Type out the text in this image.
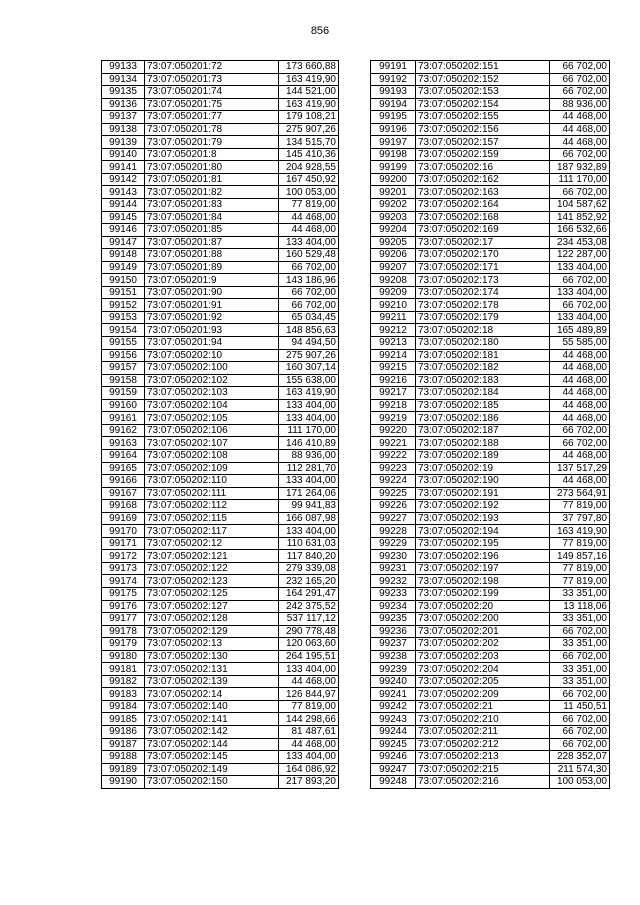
856
99133	73:07:050201:72	173 660,88
99134	73:07:050201:73	163 419,90
99135	73:07:050201:74	144 521,00
99136	73:07:050201:75	163 419,90
99137	73:07:050201:77	179 108,21
99138	73:07:050201:78	275 907,26
99139	73:07:050201:79	134 515,70
99140	73:07:050201:8	145 410,36
99141	73:07:050201:80	204 928,55
99142	73:07:050201:81	167 450,92
99143	73:07:050201:82	100 053,00
99144	73:07:050201:83	77 819,00
99145	73:07:050201:84	44 468,00
99146	73:07:050201:85	44 468,00
99147	73:07:050201:87	133 404,00
99148	73:07:050201:88	160 529,48
99149	73:07:050201:89	66 702,00
99150	73:07:050201:9	143 186,96
99151	73:07:050201:90	66 702,00
99152	73:07:050201:91	66 702,00
99153	73:07:050201:92	65 034,45
99154	73:07:050201:93	148 856,63
99155	73:07:050201:94	94 494,50
99156	73:07:050202:10	275 907,26
99157	73:07:050202:100	160 307,14
99158	73:07:050202:102	155 638,00
99159	73:07:050202:103	163 419,90
99160	73:07:050202:104	133 404,00
99161	73:07:050202:105	133 404,00
99162	73:07:050202:106	111 170,00
99163	73:07:050202:107	146 410,89
99164	73:07:050202:108	88 936,00
99165	73:07:050202:109	112 281,70
99166	73:07:050202:110	133 404,00
99167	73:07:050202:111	171 264,06
99168	73:07:050202:112	99 941,83
99169	73:07:050202:115	166 087,98
99170	73:07:050202:117	133 404,00
99171	73:07:050202:12	110 631,03
99172	73:07:050202:121	117 840,20
99173	73:07:050202:122	279 339,08
99174	73:07:050202:123	232 165,20
99175	73:07:050202:125	164 291,47
99176	73:07:050202:127	242 375,52
99177	73:07:050202:128	537 117,12
99178	73:07:050202:129	290 778,48
99179	73:07:050202:13	120 063,60
99180	73:07:050202:130	264 195,51
99181	73:07:050202:131	133 404,00
99182	73:07:050202:139	44 468,00
99183	73:07:050202:14	126 844,97
99184	73:07:050202:140	77 819,00
99185	73:07:050202:141	144 298,66
99186	73:07:050202:142	81 487,61
99187	73:07:050202:144	44 468,00
99188	73:07:050202:145	133 404,00
99189	73:07:050202:149	164 086,92
99190	73:07:050202:150	217 893,20
99191	73:07:050202:151	66 702,00
99192	73:07:050202:152	66 702,00
99193	73:07:050202:153	66 702,00
99194	73:07:050202:154	88 936,00
99195	73:07:050202:155	44 468,00
99196	73:07:050202:156	44 468,00
99197	73:07:050202:157	44 468,00
99198	73:07:050202:159	66 702,00
99199	73:07:050202:16	187 932,89
99200	73:07:050202:162	111 170,00
99201	73:07:050202:163	66 702,00
99202	73:07:050202:164	104 587,62
99203	73:07:050202:168	141 852,92
99204	73:07:050202:169	166 532,66
99205	73:07:050202:17	234 453,08
99206	73:07:050202:170	122 287,00
99207	73:07:050202:171	133 404,00
99208	73:07:050202:173	66 702,00
99209	73:07:050202:174	133 404,00
99210	73:07:050202:178	66 702,00
99211	73:07:050202:179	133 404,00
99212	73:07:050202:18	165 489,89
99213	73:07:050202:180	55 585,00
99214	73:07:050202:181	44 468,00
99215	73:07:050202:182	44 468,00
99216	73:07:050202:183	44 468,00
99217	73:07:050202:184	44 468,00
99218	73:07:050202:185	44 468,00
99219	73:07:050202:186	44 468,00
99220	73:07:050202:187	66 702,00
99221	73:07:050202:188	66 702,00
99222	73:07:050202:189	44 468,00
99223	73:07:050202:19	137 517,29
99224	73:07:050202:190	44 468,00
99225	73:07:050202:191	273 564,91
99226	73:07:050202:192	77 819,00
99227	73:07:050202:193	37 797,80
99228	73:07:050202:194	163 419,90
99229	73:07:050202:195	77 819,00
99230	73:07:050202:196	149 857,16
99231	73:07:050202:197	77 819,00
99232	73:07:050202:198	77 819,00
99233	73:07:050202:199	33 351,00
99234	73:07:050202:20	13 118,06
99235	73:07:050202:200	33 351,00
99236	73:07:050202:201	66 702,00
99237	73:07:050202:202	33 351,00
99238	73:07:050202:203	66 702,00
99239	73:07:050202:204	33 351,00
99240	73:07:050202:205	33 351,00
99241	73:07:050202:209	66 702,00
99242	73:07:050202:21	11 450,51
99243	73:07:050202:210	66 702,00
99244	73:07:050202:211	66 702,00
99245	73:07:050202:212	66 702,00
99246	73:07:050202:213	228 352,07
99247	73:07:050202:215	211 574,30
99248	73:07:050202:216	100 053,00
